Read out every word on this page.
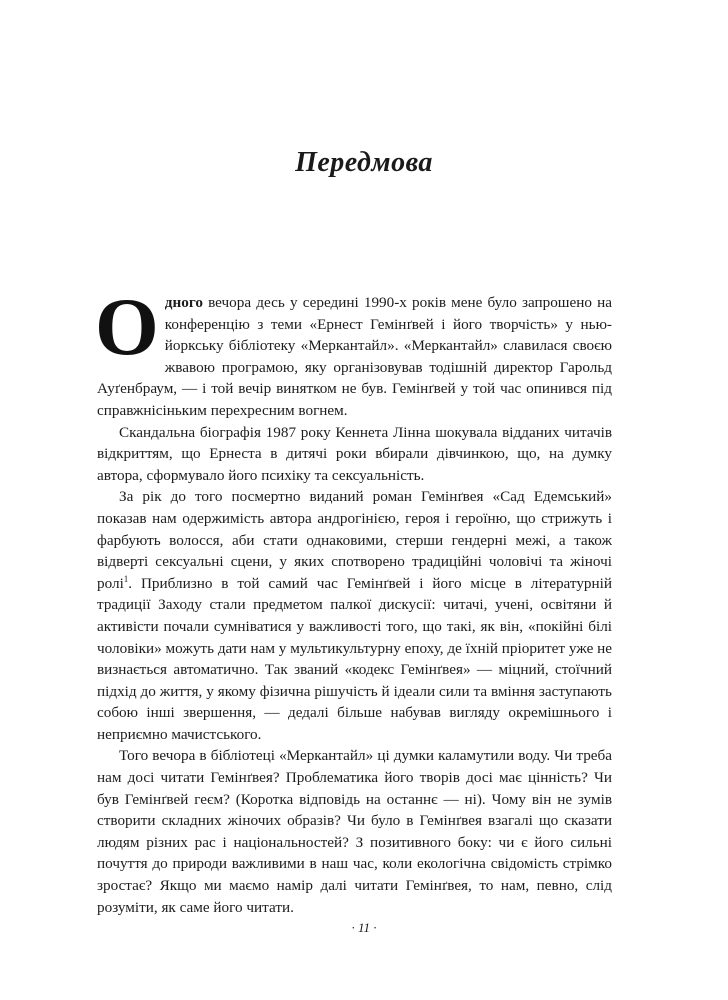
Передмова

Одного вечора десь у середині 1990-х років мене було запрошено на конференцію з теми «Ернест Гемінґвей і його творчість» у нью-йоркську бібліотеку «Меркантайл». «Меркантайл» славилася своєю жвавою програмою, яку організовував тодішній директор Гарольд Ауґенбраум, — і той вечір винятком не був. Гемінґвей у той час опинився під справжнісіньким перехресним вогнем.

Скандальна біографія 1987 року Кеннета Лінна шокувала відданих читачів відкриттям, що Ернеста в дитячі роки вбирали дівчинкою, що, на думку автора, сформувало його психіку та сексуальність.

За рік до того посмертно виданий роман Гемінґвея «Сад Едемський» показав нам одержимість автора андрогінією, героя і героїню, що стрижуть і фарбують волосся, аби стати однаковими, стерши гендерні межі, а також відверті сексуальні сцени, у яких спотворено традиційні чоловічі та жіночі ролі$^1$. Приблизно в той самий час Гемінґвей і його місце в літературній традиції Заходу стали предметом палкої дискусії: читачі, учені, освітяни й активісти почали сумніватися у важливості того, що такі, як він, «покійні білі чоловіки» можуть дати нам у мультикультурну епоху, де їхній пріоритет уже не визнається автоматично. Так званий «кодекс Гемінґвея» — міцний, стоїчний підхід до життя, у якому фізична рішучість й ідеали сили та вміння заступають собою інші звершення, — дедалі більше набував вигляду окремішнього і неприємно мачистського.

Того вечора в бібліотеці «Меркантайл» ці думки каламутили воду. Чи треба нам досі читати Гемінґвея? Проблематика його творів досі має цінність? Чи був Гемінґвей геєм? (Коротка відповідь на останнє — ні). Чому він не зумів створити складних жіночих образів? Чи було в Гемінґвея взагалі що сказати людям різних рас і національностей? З позитивного боку: чи є його сильні почуття до природи важливими в наш час, коли екологічна свідомість стрімко зростає? Якщо ми маємо намір далі читати Гемінґвея, то нам, певно, слід розуміти, як саме його читати.

· 11 ·
